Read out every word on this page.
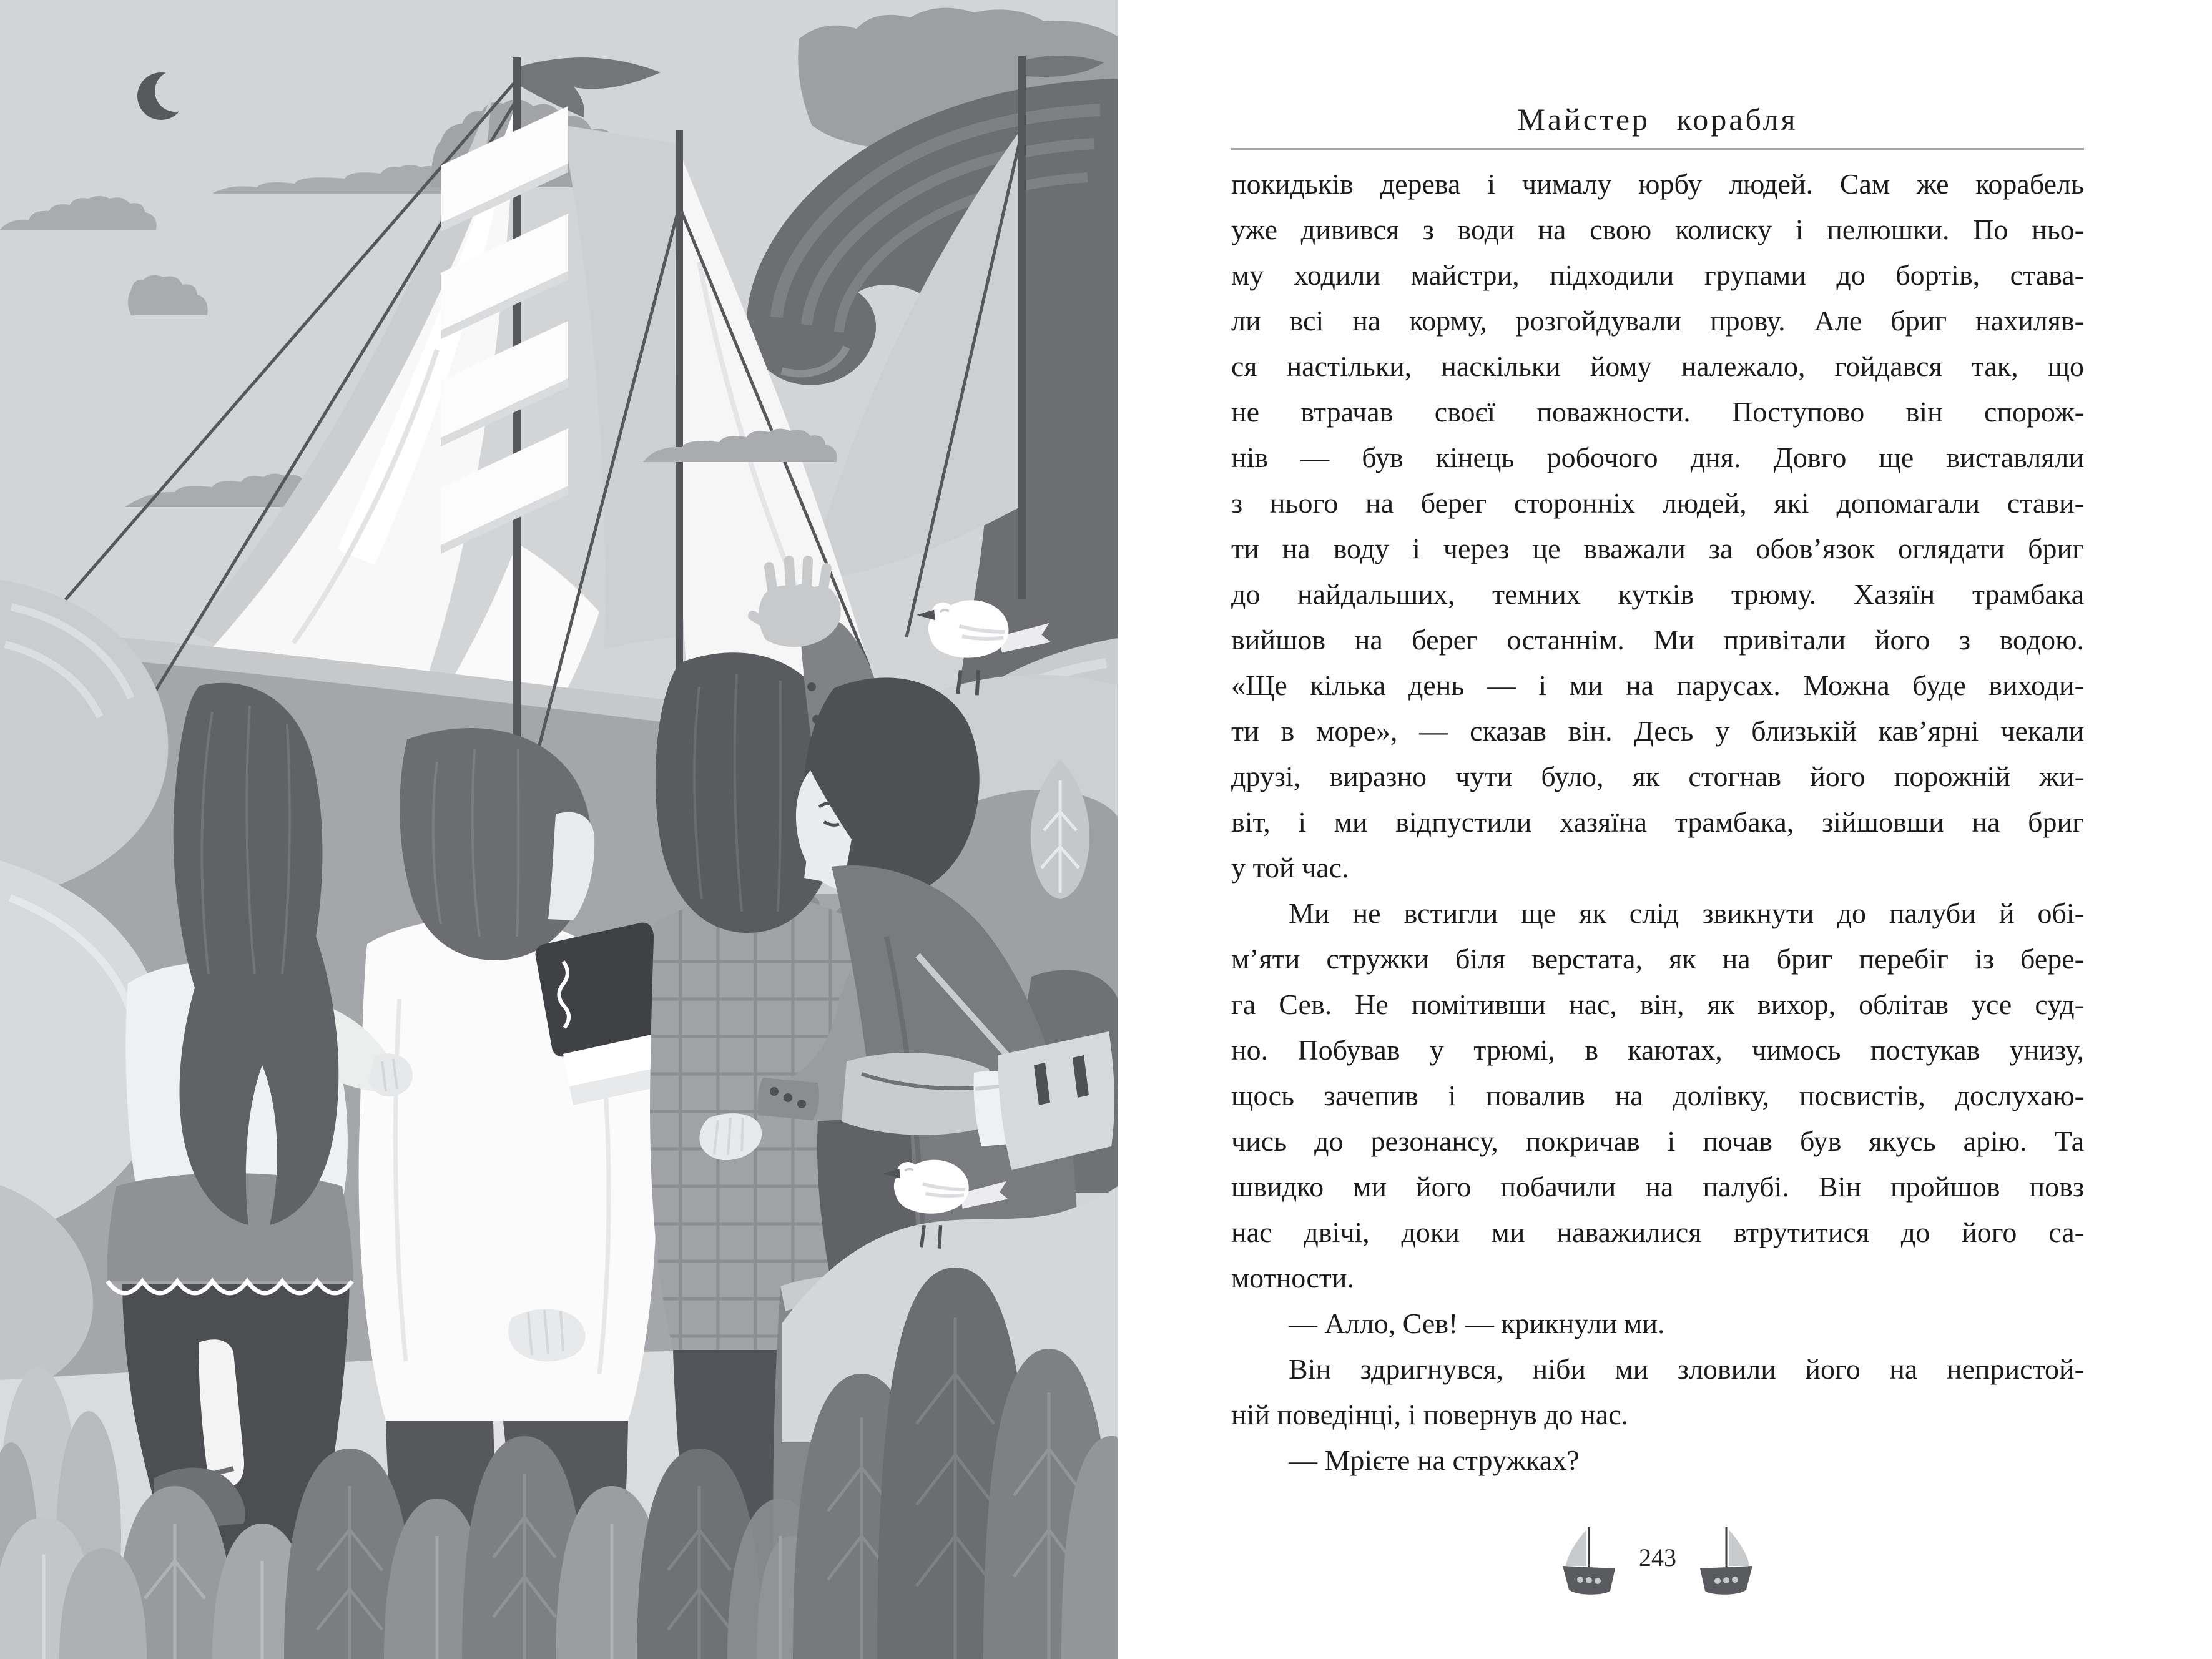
Майстер корабля
покидьків дерева і чималу юрбу людей. Сам же корабель
уже дивився з води на свою колиску і пелюшки. По ньо-
му ходили майстри, підходили групами до бортів, става-
ли всі на корму, розгойдували прову. Але бриг нахиляв-
ся настільки, наскільки йому належало, гойдався так, що
не втрачав своєї поважности. Поступово він спорож-
нів — був кінець робочого дня. Довго ще виставляли
з нього на берег сторонніх людей, які допомагали стави-
ти на воду і через це вважали за обов’язок оглядати бриг
до найдальших, темних кутків трюму. Хазяїн трамбака
вийшов на берег останнім. Ми привітали його з водою.
«Ще кілька день — і ми на парусах. Можна буде виходи-
ти в море», — сказав він. Десь у близькій кав’ярні чекали
друзі, виразно чути було, як стогнав його порожній жи-
віт, і ми відпустили хазяїна трамбака, зійшовши на бриг
у той час.
Ми не встигли ще як слід звикнути до палуби й обі-
м’яти стружки біля верстата, як на бриг перебіг із бере-
га Сев. Не помітивши нас, він, як вихор, облітав усе суд-
но. Побував у трюмі, в каютах, чимось постукав унизу,
щось зачепив і повалив на долівку, посвистів, дослухаю-
чись до резонансу, покричав і почав був якусь арію. Та
швидко ми його побачили на палубі. Він пройшов повз
нас двічі, доки ми наважилися втрутитися до його са-
мотности.
— Алло, Сев! — крикнули ми.
Він здригнувся, ніби ми зловили його на непристой-
ній поведінці, і повернув до нас.
— Мрієте на стружках?
243
